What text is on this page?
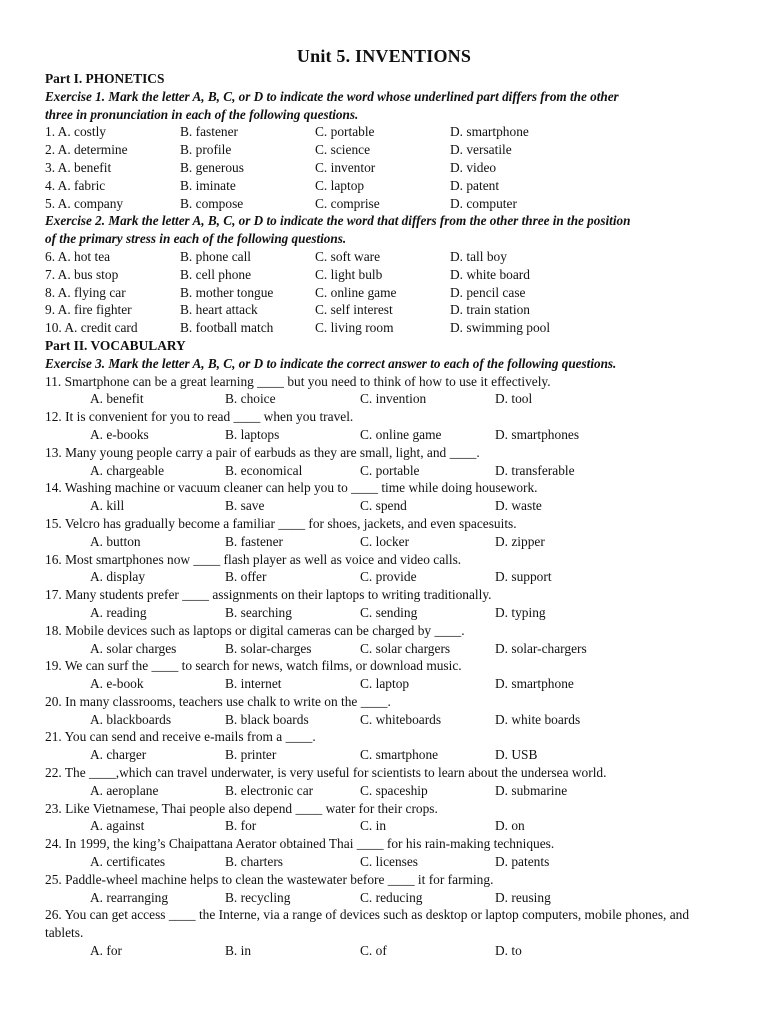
Unit 5. INVENTIONS
Part I. PHONETICS
Exercise 1. Mark the letter A, B, C, or D to indicate the word whose underlined part differs from the other
three in pronunciation in each of the following questions.
1. A. costly	B. fastener	C. portable	D. smartphone
2. A. determine	B. profile	C. science	D. versatile
3. A. benefit	B. generous	C. inventor	D. video
4. A. fabric	B. iminate	C. laptop	D. patent
5. A. company	B. compose	C. comprise	D. computer
Exercise 2. Mark the letter A, B, C, or D to indicate the word that differs from the other three in the position
of the primary stress in each of the following questions.
6. A. hot tea	B. phone call	C. soft ware	D. tall boy
7. A. bus stop	B. cell phone	C. light bulb	D. white board
8. A. flying car	B. mother tongue	C. online game	D. pencil case
9. A. fire fighter	B. heart attack	C. self interest	D. train station
10. A. credit card	B. football match	C. living room	D. swimming pool
Part II. VOCABULARY
Exercise 3. Mark the letter A, B, C, or D to indicate the correct answer to each of the following questions.
11. Smartphone can be a great learning ____ but you need to think of how to use it effectively.
A. benefit	B. choice	C. invention	D. tool
12. It is convenient for you to read ____ when you travel.
A. e-books	B. laptops	C. online game	D. smartphones
13. Many young people carry a pair of earbuds as they are small, light, and ____.
A. chargeable	B. economical	C. portable	D. transferable
14. Washing machine or vacuum cleaner can help you to ____ time while doing housework.
A. kill	B. save	C. spend	D. waste
15. Velcro has gradually become a familiar ____ for shoes, jackets, and even spacesuits.
A. button	B. fastener	C. locker	D. zipper
16. Most smartphones now ____ flash player as well as voice and video calls.
A. display	B. offer	C. provide	D. support
17. Many students prefer ____ assignments on their laptops to writing traditionally.
A. reading	B. searching	C. sending	D. typing
18. Mobile devices such as laptops or digital cameras can be charged by ____.
A. solar charges	B. solar-charges	C. solar chargers	D. solar-chargers
19. We can surf the ____ to search for news, watch films, or download music.
A. e-book	B. internet	C. laptop	D. smartphone
20. In many classrooms, teachers use chalk to write on the ____.
A. blackboards	B. black boards	C. whiteboards	D. white boards
21. You can send and receive e-mails from a ____.
A. charger	B. printer	C. smartphone	D. USB
22. The ____,which can travel underwater, is very useful for scientists to learn about the undersea world.
A. aeroplane	B. electronic car	C. spaceship	D. submarine
23. Like Vietnamese, Thai people also depend ____ water for their crops.
A. against	B. for	C. in	D. on
24. In 1999, the king’s Chaipattana Aerator obtained Thai ____ for his rain-making techniques.
A. certificates	B. charters	C. licenses	D. patents
25. Paddle-wheel machine helps to clean the wastewater before ____ it for farming.
A. rearranging	B. recycling	C. reducing	D. reusing
26. You can get access ____ the Interne, via a range of devices such as desktop or laptop computers, mobile phones, and tablets.
A. for	B. in	C. of	D. to
